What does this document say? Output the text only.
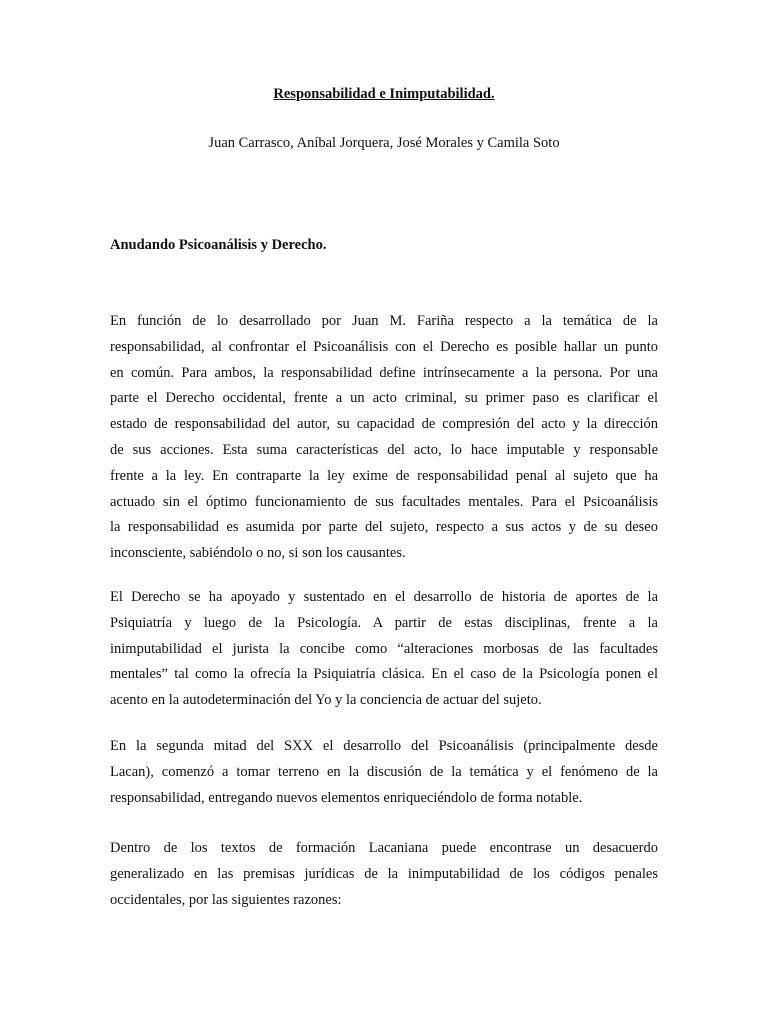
Responsabilidad e Inimputabilidad.
Juan Carrasco, Aníbal Jorquera, José Morales y Camila Soto
Anudando Psicoanálisis y Derecho.
En función de lo desarrollado por Juan M. Fariña respecto a la temática de la
responsabilidad, al confrontar el Psicoanálisis con el Derecho es posible hallar un punto
en común. Para ambos, la responsabilidad define intrínsecamente a la persona. Por una
parte el Derecho occidental, frente a un acto criminal, su primer paso es clarificar el
estado de responsabilidad del autor, su capacidad de compresión del acto y la dirección
de sus acciones. Esta suma características del acto, lo hace imputable y responsable
frente a la ley. En contraparte la ley exime de responsabilidad penal al sujeto que ha
actuado sin el óptimo funcionamiento de sus facultades mentales. Para el Psicoanálisis
la responsabilidad es asumida por parte del sujeto, respecto a sus actos y de su deseo
inconsciente, sabiéndolo o no, si son los causantes.
El Derecho se ha apoyado y sustentado en el desarrollo de historia de aportes de la
Psiquiatría y luego de la Psicología. A partir de estas disciplinas, frente a la
inimputabilidad el jurista la concibe como “alteraciones morbosas de las facultades
mentales” tal como la ofrecía la Psiquiatría clásica. En el caso de la Psicología ponen el
acento en la autodeterminación del Yo y la conciencia de actuar del sujeto.
En la segunda mitad del SXX el desarrollo del Psicoanálisis (principalmente desde
Lacan), comenzó a tomar terreno en la discusión de la temática y el fenómeno de la
responsabilidad, entregando nuevos elementos enriqueciéndolo de forma notable.
Dentro de los textos de formación Lacaniana puede encontrase un desacuerdo
generalizado en las premisas jurídicas de la inimputabilidad de los códigos penales
occidentales, por las siguientes razones:
